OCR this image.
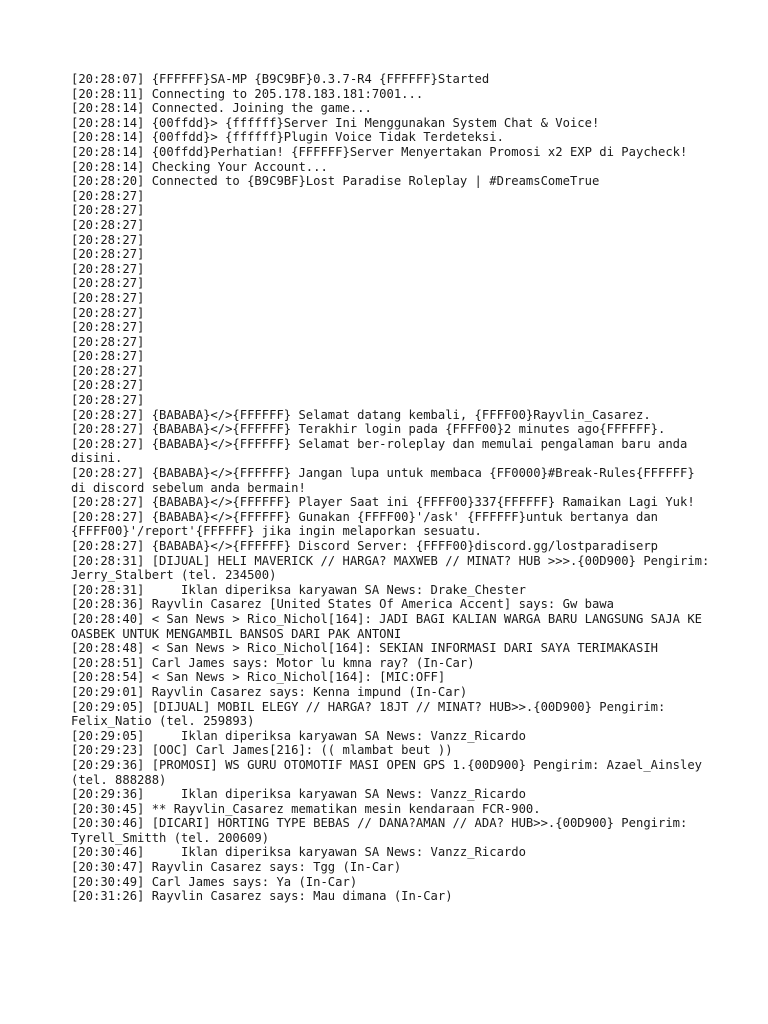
[20:28:07] {FFFFFF}SA-MP {B9C9BF}0.3.7-R4 {FFFFFF}Started
[20:28:11] Connecting to 205.178.183.181:7001...
[20:28:14] Connected. Joining the game...
[20:28:14] {00ffdd}> {ffffff}Server Ini Menggunakan System Chat & Voice!
[20:28:14] {00ffdd}> {ffffff}Plugin Voice Tidak Terdeteksi.
[20:28:14] {00ffdd}Perhatian! {FFFFFF}Server Menyertakan Promosi x2 EXP di Paycheck!
[20:28:14] Checking Your Account...
[20:28:20] Connected to {B9C9BF}Lost Paradise Roleplay | #DreamsComeTrue
[20:28:27]
[20:28:27]
[20:28:27]
[20:28:27]
[20:28:27]
[20:28:27]
[20:28:27]
[20:28:27]
[20:28:27]
[20:28:27]
[20:28:27]
[20:28:27]
[20:28:27]
[20:28:27]
[20:28:27]
[20:28:27] {BABABA}</>{FFFFFF} Selamat datang kembali, {FFFF00}Rayvlin_Casarez.
[20:28:27] {BABABA}</>{FFFFFF} Terakhir login pada {FFFF00}2 minutes ago{FFFFFF}.
[20:28:27] {BABABA}</>{FFFFFF} Selamat ber-roleplay dan memulai pengalaman baru anda disini.
[20:28:27] {BABABA}</>{FFFFFF} Jangan lupa untuk membaca {FF0000}#Break-Rules{FFFFFF} di discord sebelum anda bermain!
[20:28:27] {BABABA}</>{FFFFFF} Player Saat ini {FFFF00}337{FFFFFF} Ramaikan Lagi Yuk!
[20:28:27] {BABABA}</>{FFFFFF} Gunakan {FFFF00}'/ask' {FFFFFF}untuk bertanya dan {FFFF00}'/report'{FFFFFF} jika ingin melaporkan sesuatu.
[20:28:27] {BABABA}</>{FFFFFF} Discord Server: {FFFF00}discord.gg/lostparadiserp
[20:28:31] [DIJUAL] HELI MAVERICK // HARGA? MAXWEB // MINAT? HUB >>>.{00D900} Pengirim: Jerry_Stalbert (tel. 234500)
[20:28:31]     Iklan diperiksa karyawan SA News: Drake_Chester
[20:28:36] Rayvlin Casarez [United States Of America Accent] says: Gw bawa
[20:28:40] < San News > Rico_Nichol[164]: JADI BAGI KALIAN WARGA BARU LANGSUNG SAJA KE OASBEK UNTUK MENGAMBIL BANSOS DARI PAK ANTONI
[20:28:48] < San News > Rico_Nichol[164]: SEKIAN INFORMASI DARI SAYA TERIMAKASIH
[20:28:51] Carl James says: Motor lu kmna ray? (In-Car)
[20:28:54] < San News > Rico_Nichol[164]: [MIC:OFF]
[20:29:01] Rayvlin Casarez says: Kenna impund (In-Car)
[20:29:05] [DIJUAL] MOBIL ELEGY // HARGA? 18JT // MINAT? HUB>>.{00D900} Pengirim: Felix_Natio (tel. 259893)
[20:29:05]     Iklan diperiksa karyawan SA News: Vanzz_Ricardo
[20:29:23] [OOC] Carl James[216]: (( mlambat beut ))
[20:29:36] [PROMOSI] WS GURU OTOMOTIF MASI OPEN GPS 1.{00D900} Pengirim: Azael_Ainsley (tel. 888288)
[20:29:36]     Iklan diperiksa karyawan SA News: Vanzz_Ricardo
[20:30:45] ** Rayvlin_Casarez mematikan mesin kendaraan FCR-900.
[20:30:46] [DICARI] HORTING TYPE BEBAS // DANA?AMAN // ADA? HUB>>.{00D900} Pengirim: Tyrell_Smitth (tel. 200609)
[20:30:46]     Iklan diperiksa karyawan SA News: Vanzz_Ricardo
[20:30:47] Rayvlin Casarez says: Tgg (In-Car)
[20:30:49] Carl James says: Ya (In-Car)
[20:31:26] Rayvlin Casarez says: Mau dimana (In-Car)
